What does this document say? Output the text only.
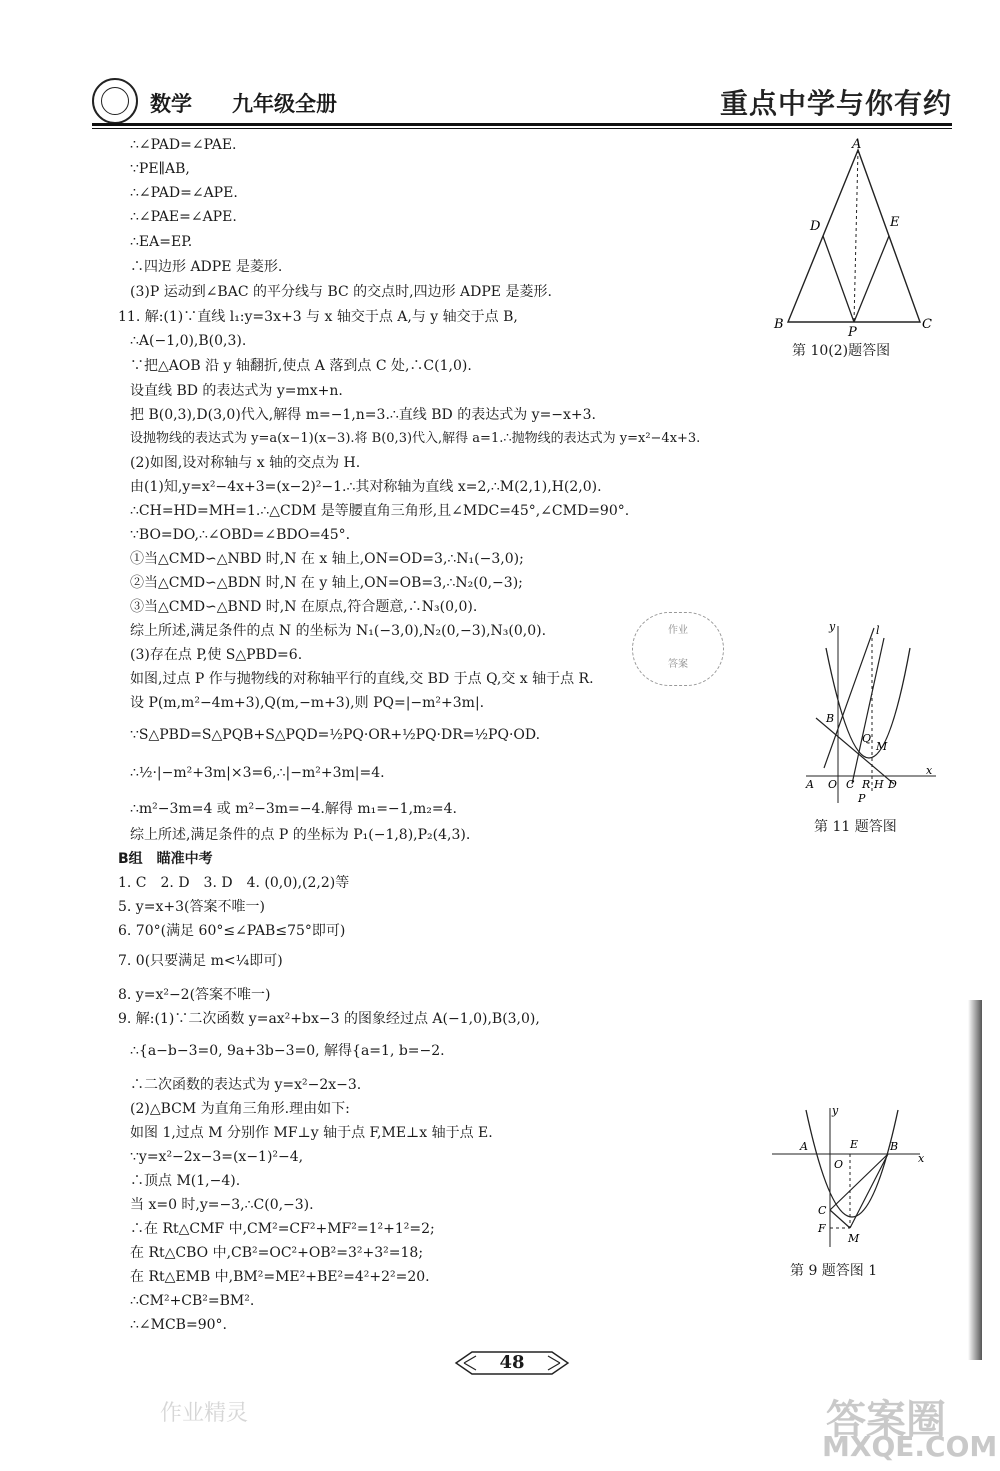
数学 九年级全册	重点中学与你有约
∴∠PAD=∠PAE.
∵PE∥AB,
∴∠PAD=∠APE.
∴∠PAE=∠APE.
∴EA=EP.
∴四边形 ADPE 是菱形.
(3)P 运动到∠BAC 的平分线与 BC 的交点时,四边形 ADPE 是菱形.
11. 解:(1)∵直线 l₁:y=3x+3 与 x 轴交于点 A,与 y 轴交于点 B,
∴A(−1,0),B(0,3).
∵把△AOB 沿 y 轴翻折,使点 A 落到点 C 处,∴C(1,0).
设直线 BD 的表达式为 y=mx+n.
把 B(0,3),D(3,0)代入,解得 m=−1,n=3.∴直线 BD 的表达式为 y=−x+3.
设抛物线的表达式为 y=a(x−1)(x−3).将 B(0,3)代入,解得 a=1.∴抛物线的表达式为 y=x²−4x+3.
(2)如图,设对称轴与 x 轴的交点为 H.
由(1)知,y=x²−4x+3=(x−2)²−1.∴其对称轴为直线 x=2,∴M(2,1),H(2,0).
∴CH=HD=MH=1.∴△CDM 是等腰直角三角形,且∠MDC=45°,∠CMD=90°.
∵BO=DO,∴∠OBD=∠BDO=45°.
①当△CMD∽△NBD 时,N 在 x 轴上,ON=OD=3,∴N₁(−3,0);
②当△CMD∽△BDN 时,N 在 y 轴上,ON=OB=3,∴N₂(0,−3);
③当△CMD∽△BND 时,N 在原点,符合题意,∴N₃(0,0).
综上所述,满足条件的点 N 的坐标为 N₁(−3,0),N₂(0,−3),N₃(0,0).
(3)存在点 P,使 S△PBD=6.
如图,过点 P 作与抛物线的对称轴平行的直线,交 BD 于点 Q,交 x 轴于点 R.
设 P(m,m²−4m+3),Q(m,−m+3),则 PQ=|−m²+3m|.
∵S△PBD=S△PQB+S△PQD=½PQ·OR+½PQ·DR=½PQ·OD.
∴½·|−m²+3m|×3=6,∴|−m²+3m|=4.
∴m²−3m=4 或 m²−3m=−4.解得 m₁=−1,m₂=4.
综上所述,满足条件的点 P 的坐标为 P₁(−1,8),P₂(4,3).
B组　瞄准中考
1. C　2. D　3. D　4. (0,0),(2,2)等
5. y=x+3(答案不唯一)
6. 70°(满足 60°≤∠PAB≤75°即可)
7. 0(只要满足 m<¼即可)
8. y=x²−2(答案不唯一)
9. 解:(1)∵二次函数 y=ax²+bx−3 的图象经过点 A(−1,0),B(3,0),
∴{a−b−3=0, 9a+3b−3=0, 解得{a=1, b=−2.
∴二次函数的表达式为 y=x²−2x−3.
(2)△BCM 为直角三角形.理由如下:
如图 1,过点 M 分别作 MF⊥y 轴于点 F,ME⊥x 轴于点 E.
∵y=x²−2x−3=(x−1)²−4,
∴顶点 M(1,−4).
当 x=0 时,y=−3,∴C(0,−3).
∴在 Rt△CMF 中,CM²=CF²+MF²=1²+1²=2;
在 Rt△CBO 中,CB²=OC²+OB²=3²+3²=18;
在 Rt△EMB 中,BM²=ME²+BE²=4²+2²=20.
∴CM²+CB²=BM².
∴∠MCB=90°.
A
D	E
B
P
C
第 10(2)题答图
y	l
B
Q
M
A O C R H D
x
P
第 11 题答图
y
A	E	B
O	x
C
F
M
第 9 题答图 1
作业
答案
48
作业精灵	答案圈
MXQE.COM
